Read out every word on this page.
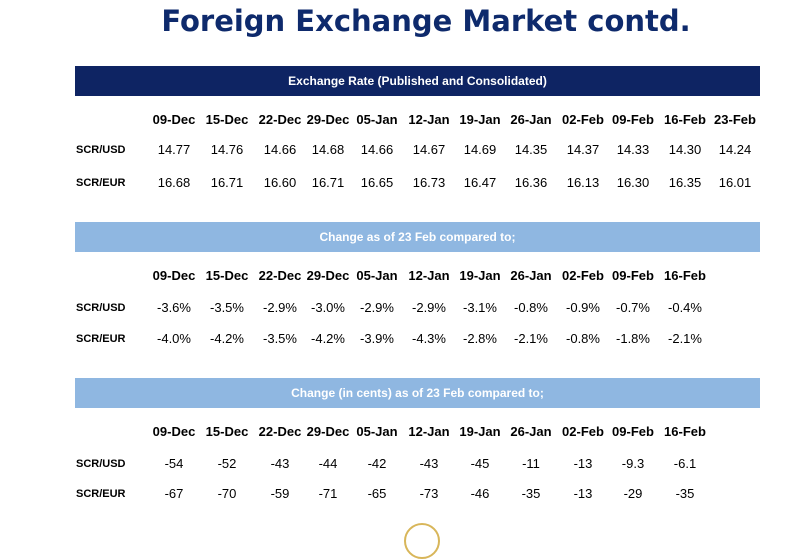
Foreign Exchange Market contd.
Exchange Rate (Published and Consolidated)
Change as of 23 Feb compared to;
Change (in cents) as of 23 Feb compared to;
09-Dec 15-Dec 22-Dec 29-Dec 05-Jan 12-Jan 19-Jan 26-Jan 02-Feb 09-Feb 16-Feb 23-Feb
SCR/USD	14.77	14.76	14.66	14.68	14.66	14.67	14.69	14.35	14.37	14.33	14.30	14.24
SCR/EUR	16.68	16.71	16.60	16.71	16.65	16.73	16.47	16.36	16.13	16.30	16.35	16.01
09-Dec 15-Dec 22-Dec 29-Dec 05-Jan 12-Jan 19-Jan 26-Jan 02-Feb 09-Feb 16-Feb
SCR/USD	-3.6%	-3.5%	-2.9%	-3.0%	-2.9%	-2.9%	-3.1%	-0.8%	-0.9%	-0.7%	-0.4%
SCR/EUR	-4.0%	-4.2%	-3.5%	-4.2%	-3.9%	-4.3%	-2.8%	-2.1%	-0.8%	-1.8%	-2.1%
09-Dec 15-Dec 22-Dec 29-Dec 05-Jan 12-Jan 19-Jan 26-Jan 02-Feb 09-Feb 16-Feb
SCR/USD	-54	-52	-43	-44	-42	-43	-45	-11	-13	-9.3	-6.1
SCR/EUR	-67	-70	-59	-71	-65	-73	-46	-35	-13	-29	-35
